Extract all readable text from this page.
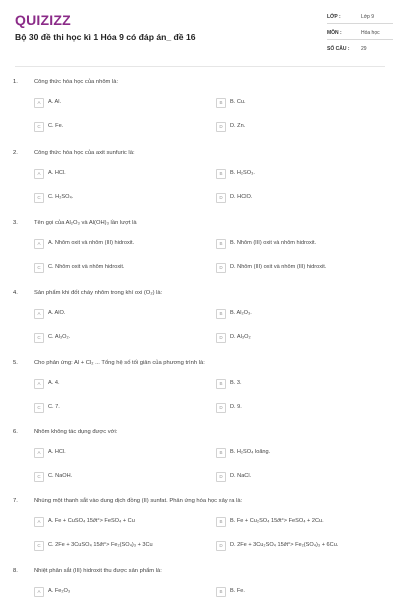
QUIZIZZ
Bộ 30 đề thi học kì 1 Hóa 9 có đáp án_ đề 16
LỚP :	Lớp 9
MÔN :	Hóa học
SỐ CÂU : 29
1.	Công thức hóa học của nhôm là:
A	A. Al.	B	B. Cu.
C	C. Fe.	D	D. Zn.
2.	Công thức hóa học của axit sunfuric là:
A	A. HCl.	B	B. H₂SO₃.
C	C. H₂SO₄.	D	D. HClO.
3.	Tên gọi của Al₂O₃ và Al(OH)₃ lần lượt là
A	A. Nhôm oxit và nhôm (III) hidroxit.	B	B. Nhôm (III) oxit và nhôm hidroxit.
C	C. Nhôm oxit và nhôm hidroxit.	D	D. Nhôm (III) oxit và nhôm (III) hidroxit.
4.	Sản phẩm khi đốt cháy nhôm trong khí oxi (O₂) là:
A	A. AlO.	B	B. Al₂O₃.
C	C. Al₃O₂.	D	D. Al₃O₂
5.	Cho phản ứng: Al + Cl₂ ... Tổng hệ số tối giản của phương trình là:
A	A. 4.	B	B. 3.
C	C. 7.	D	D. 9.
6.	Nhôm không tác dụng được với:
A	A. HCl.	B	B. H₂SO₄ loãng.
C	C. NaOH.	D	D. NaCl.
7.	Nhúng một thanh sắt vào dung dịch đồng (II) sunfat. Phản ứng hóa học xảy ra là:
A	A. Fe + CuSO₄ 15∂t°> FeSO₄ + Cu	B	B. Fe + Cu₂SO₄ 15∂t°> FeSO₄ + 2Cu.
C	C. 2Fe + 3CuSO₄ 15∂t°> Fe₂(SO₄)₃ + 3Cu	D	D. 2Fe + 3Cu₂SO₄ 15∂t°> Fe₂(SO₄)₃ + 6Cu.
8.	Nhiệt phân sắt (III) hidroxit thu được sản phẩm là:
A	A. Fe₂O₃	B	B. Fe.
